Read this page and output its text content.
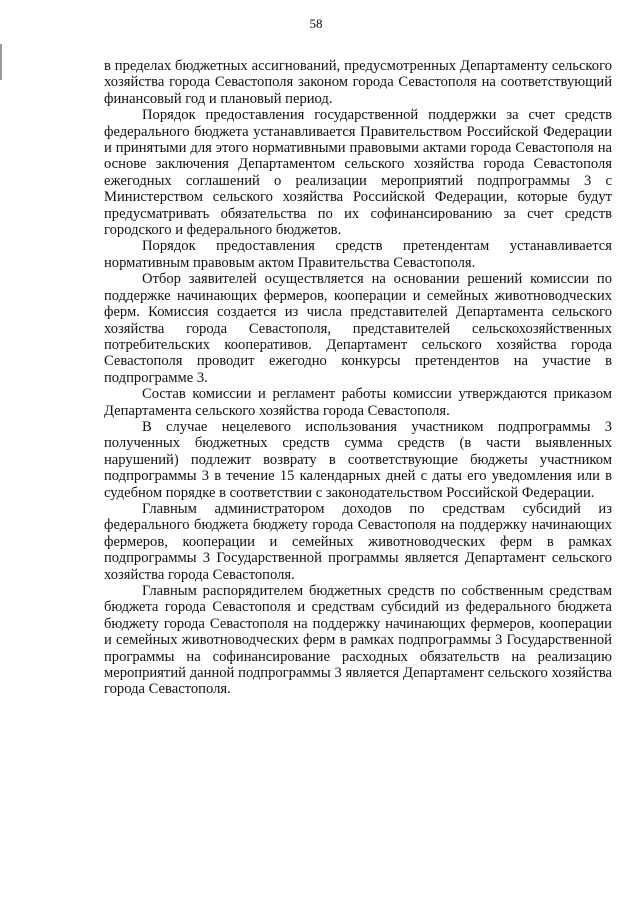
58

в пределах бюджетных ассигнований, предусмотренных Департаменту сельского хозяйства города Севастополя законом города Севастополя на соответствующий финансовый год и плановый период.

Порядок предоставления государственной поддержки за счет средств федерального бюджета устанавливается Правительством Российской Федерации и принятыми для этого нормативными правовыми актами города Севастополя на основе заключения Департаментом сельского хозяйства города Севастополя ежегодных соглашений о реализации мероприятий подпрограммы 3 с Министерством сельского хозяйства Российской Федерации, которые будут предусматривать обязательства по их софинансированию за счет средств городского и федерального бюджетов.

Порядок предоставления средств претендентам устанавливается нормативным правовым актом Правительства Севастополя.

Отбор заявителей осуществляется на основании решений комиссии по поддержке начинающих фермеров, кооперации и семейных животноводческих ферм. Комиссия создается из числа представителей Департамента сельского хозяйства города Севастополя, представителей сельскохозяйственных потребительских кооперативов. Департамент сельского хозяйства города Севастополя проводит ежегодно конкурсы претендентов на участие в подпрограмме 3.

Состав комиссии и регламент работы комиссии утверждаются приказом Департамента сельского хозяйства города Севастополя.

В случае нецелевого использования участником подпрограммы 3 полученных бюджетных средств сумма средств (в части выявленных нарушений) подлежит возврату в соответствующие бюджеты участником подпрограммы 3 в течение 15 календарных дней с даты его уведомления или в судебном порядке в соответствии с законодательством Российской Федерации.

Главным администратором доходов по средствам субсидий из федерального бюджета бюджету города Севастополя на поддержку начинающих фермеров, кооперации и семейных животноводческих ферм в рамках подпрограммы 3 Государственной программы является Департамент сельского хозяйства города Севастополя.

Главным распорядителем бюджетных средств по собственным средствам бюджета города Севастополя и средствам субсидий из федерального бюджета бюджету города Севастополя на поддержку начинающих фермеров, кооперации и семейных животноводческих ферм в рамках подпрограммы 3 Государственной программы на софинансирование расходных обязательств на реализацию мероприятий данной подпрограммы 3 является Департамент сельского хозяйства города Севастополя.
